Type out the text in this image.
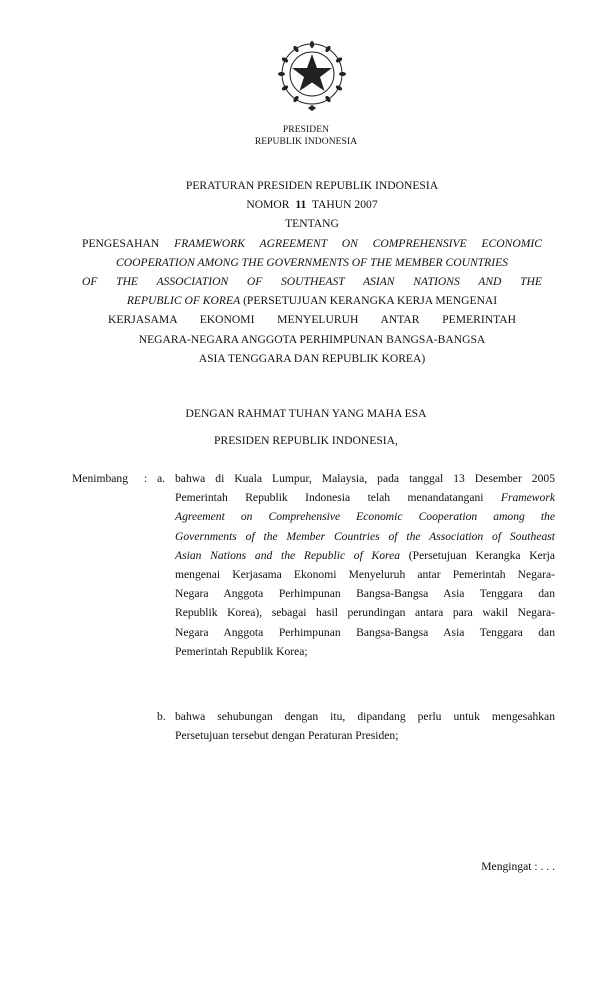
PRESIDEN
REPUBLIK INDONESIA
PERATURAN PRESIDEN REPUBLIK INDONESIA
NOMOR 11 TAHUN 2007
TENTANG
PENGESAHAN FRAMEWORK AGREEMENT ON COMPREHENSIVE ECONOMIC
COOPERATION AMONG THE GOVERNMENTS OF THE MEMBER COUNTRIES
OF THE ASSOCIATION OF SOUTHEAST ASIAN NATIONS AND THE
REPUBLIC OF KOREA (PERSETUJUAN KERANGKA KERJA MENGENAI
KERJASAMA EKONOMI MENYELURUH ANTAR PEMERINTAH
NEGARA-NEGARA ANGGOTA PERHIMPUNAN BANGSA-BANGSA
ASIA TENGGARA DAN REPUBLIK KOREA)
DENGAN RAHMAT TUHAN YANG MAHA ESA
PRESIDEN REPUBLIK INDONESIA,
Menimbang : a. bahwa di Kuala Lumpur, Malaysia, pada tanggal 13 Desember 2005
Pemerintah Republik Indonesia telah menandatangani Framework
Agreement on Comprehensive Economic Cooperation among the
Governments of the Member Countries of the Association of Southeast
Asian Nations and the Republic of Korea (Persetujuan Kerangka Kerja
mengenai Kerjasama Ekonomi Menyeluruh antar Pemerintah Negara-
Negara Anggota Perhimpunan Bangsa-Bangsa Asia Tenggara dan
Republik Korea), sebagai hasil perundingan antara para wakil Negara-
Negara Anggota Perhimpunan Bangsa-Bangsa Asia Tenggara dan
Pemerintah Republik Korea;
b. bahwa sehubungan dengan itu, dipandang perlu untuk mengesahkan
Persetujuan tersebut dengan Peraturan Presiden;
Mengingat : . . .
